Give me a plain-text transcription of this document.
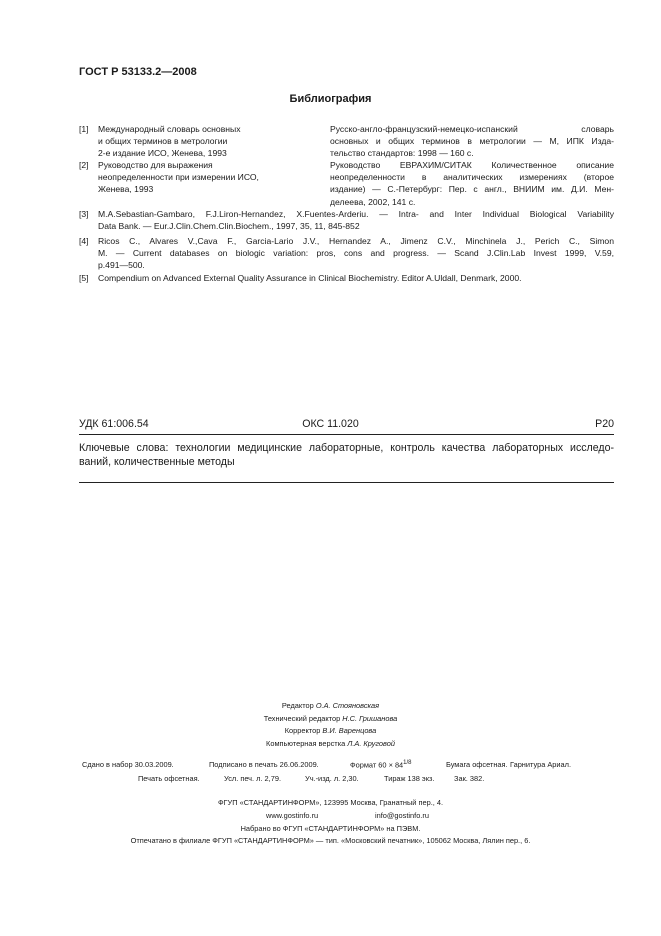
ГОСТ Р 53133.2—2008
Библиография
[1]	Международный словарь основных
и общих терминов в метрологии
2-е издание ИСО, Женева, 1993
Русско-англо-французский-немецко-испанский словарь
основных и общих терминов в метрологии — М, ИПК Изда-
тельство стандартов: 1998 — 160 с.
[2]	Руководство для выражения
неопределенности при измерении ИСО,
Женева, 1993
Руководство ЕВРАХИМ/СИТАК Количественное описание
неопределенности в аналитических измерениях (второе
издание) — С.-Петербург: Пер. с англ., ВНИИМ им. Д.И. Мен-
делеева, 2002, 141 с.
[3]	M.A.Sebastian-Gambaro, F.J.Liron-Hernandez, X.Fuentes-Arderiu. — Intra- and Inter Individual Biological Variability
Data Bank. — Eur.J.Clin.Chem.Clin.Biochem., 1997, 35, 11, 845-852
[4]	Ricos C., Alvares V.,Cava F., Garcia-Lario J.V., Hernandez A., Jimenz C.V., Minchinela J., Perich C., Simon
M. — Current databases on biologic variation: pros, cons and progress. — Scand J.Clin.Lab Invest 1999, V.59,
p.491—500.
[5]	Compendium on Advanced External Quality Assurance in Clinical Biochemistry. Editor A.Uldall, Denmark, 2000.
УДК 61:006.54	ОКС 11.020	Р20
Ключевые слова: технологии медицинские лабораторные, контроль качества лабораторных исследо-
ваний, количественные методы
Редактор О.А. Стояновская
Технический редактор Н.С. Гришанова
Корректор В.И. Варенцова
Компьютерная верстка Л.А. Круговой
Сдано в набор 30.03.2009.	Подписано в печать 26.06.2009.	Формат $60 \times 84^{1/8}$	Бумага офсетная. Гарнитура Ариал.
Печать офсетная.	Усл. печ. л. 2,79.	Уч.-изд. л. 2,30.	Тираж 138 экз.	Зак. 382.
ФГУП «СТАНДАРТИНФОРМ», 123995 Москва, Гранатный пер., 4.
www.gostinfo.ru	info@gostinfo.ru
Набрано во ФГУП «СТАНДАРТИНФОРМ» на ПЭВМ.
Отпечатано в филиале ФГУП «СТАНДАРТИНФОРМ» — тип. «Московский печатник», 105062 Москва, Лялин пер., 6.
